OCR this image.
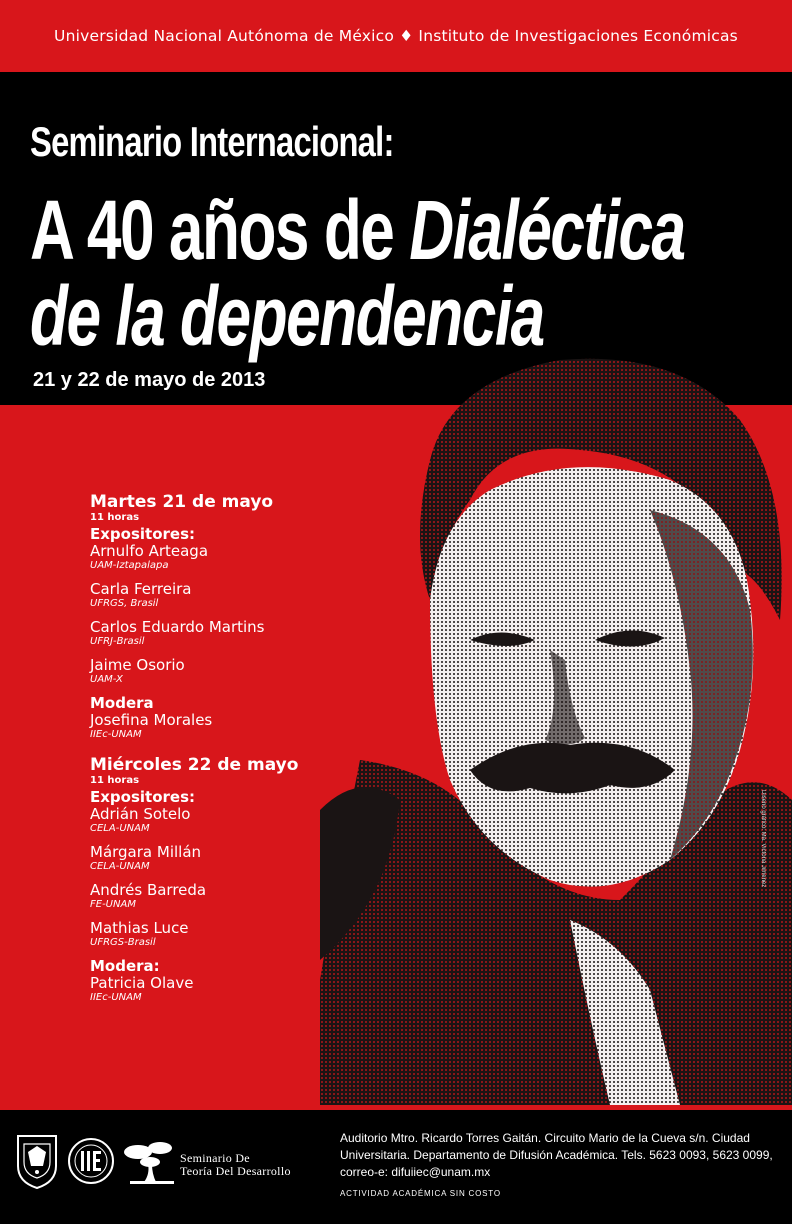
Universidad Nacional Autónoma de México ♦ Instituto de Investigaciones Económicas
Seminario Internacional:
A 40 años de Dialéctica
de la dependencia
21 y 22 de mayo de 2013
Martes 21 de mayo
11 horas
Expositores:
Arnulfo Arteaga
UAM-Iztapalapa
Carla Ferreira
UFRGS, Brasil
Carlos Eduardo Martins
UFRJ-Brasil
Jaime Osorio
UAM-X
Modera
Josefina Morales
IIEc-UNAM
Miércoles 22 de mayo
11 horas
Expositores:
Adrián Sotelo
CELA-UNAM
Márgara Millán
CELA-UNAM
Andrés Barreda
FE-UNAM
Mathias Luce
UFRGS-Brasil
Modera:
Patricia Olave
IIEc-UNAM
Diseño gráfico: Ma. Victoria Jiménez
Seminario De
Teoría Del Desarrollo
Auditorio Mtro. Ricardo Torres Gaitán. Circuito Mario de la Cueva s/n. Ciudad Universitaria. Departamento de Difusión Académica. Tels. 5623 0093, 5623 0099, correo-e: difuiiec@unam.mx
ACTIVIDAD ACADÉMICA SIN COSTO
